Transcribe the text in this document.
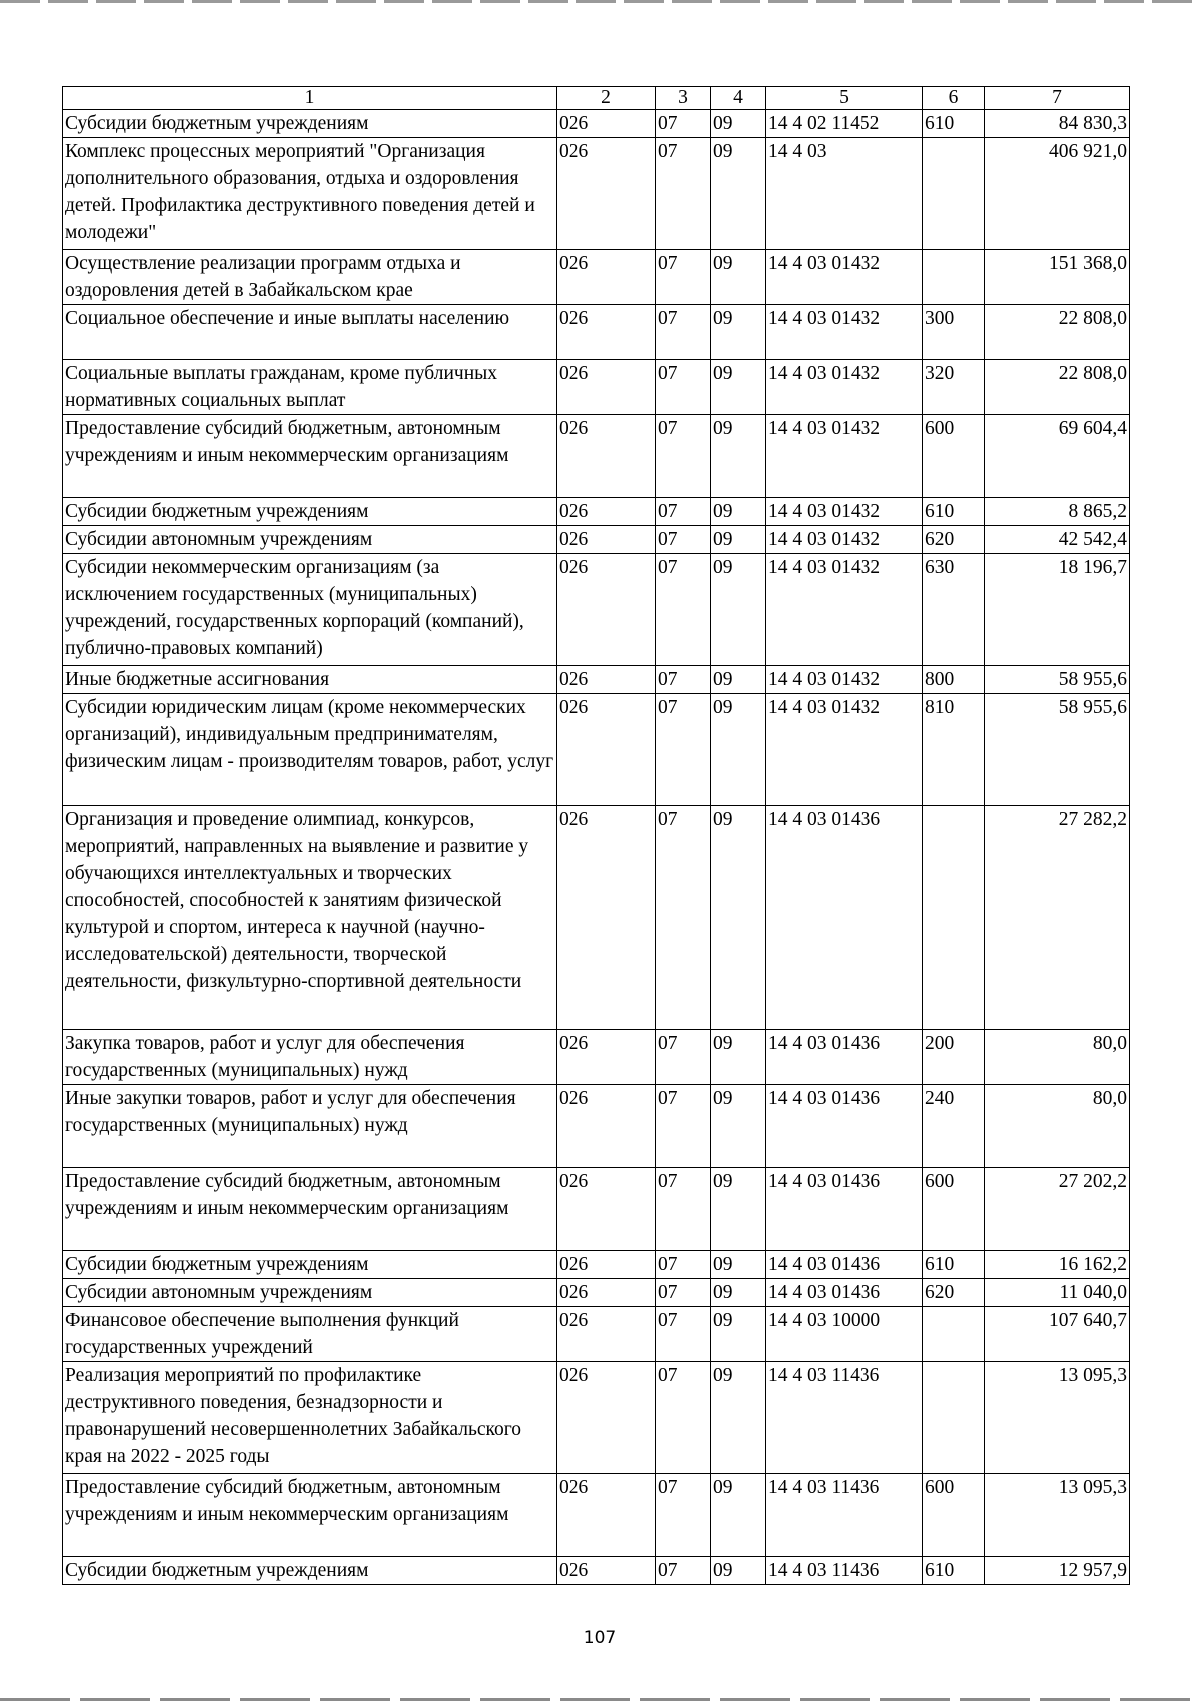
1	2	3	4	5	6	7
Субсидии бюджетным учреждениям	026	07	09	14 4 02 11452	610	84 830,3
Комплекс процессных мероприятий "Организация дополнительного образования, отдыха и оздоровления детей. Профилактика деструктивного поведения детей и молодежи"	026	07	09	14 4 03		406 921,0
Осуществление реализации программ отдыха и оздоровления детей в Забайкальском крае	026	07	09	14 4 03 01432		151 368,0
Социальное обеспечение и иные выплаты населению	026	07	09	14 4 03 01432	300	22 808,0
Социальные выплаты гражданам, кроме публичных нормативных социальных выплат	026	07	09	14 4 03 01432	320	22 808,0
Предоставление субсидий бюджетным, автономным учреждениям и иным некоммерческим организациям	026	07	09	14 4 03 01432	600	69 604,4
Субсидии бюджетным учреждениям	026	07	09	14 4 03 01432	610	8 865,2
Субсидии автономным учреждениям	026	07	09	14 4 03 01432	620	42 542,4
Субсидии некоммерческим организациям (за исключением государственных (муниципальных) учреждений, государственных корпораций (компаний), публично-правовых компаний)	026	07	09	14 4 03 01432	630	18 196,7
Иные бюджетные ассигнования	026	07	09	14 4 03 01432	800	58 955,6
Субсидии юридическим лицам (кроме некоммерческих организаций), индивидуальным предпринимателям, физическим лицам - производителям товаров, работ, услуг	026	07	09	14 4 03 01432	810	58 955,6
Организация и проведение олимпиад, конкурсов, мероприятий, направленных на выявление и развитие у обучающихся интеллектуальных и творческих способностей, способностей к занятиям физической культурой и спортом, интереса к научной (научно-исследовательской) деятельности, творческой деятельности, физкультурно-спортивной деятельности	026	07	09	14 4 03 01436		27 282,2
Закупка товаров, работ и услуг для обеспечения государственных (муниципальных) нужд	026	07	09	14 4 03 01436	200	80,0
Иные закупки товаров, работ и услуг для обеспечения государственных (муниципальных) нужд	026	07	09	14 4 03 01436	240	80,0
Предоставление субсидий бюджетным, автономным учреждениям и иным некоммерческим организациям	026	07	09	14 4 03 01436	600	27 202,2
Субсидии бюджетным учреждениям	026	07	09	14 4 03 01436	610	16 162,2
Субсидии автономным учреждениям	026	07	09	14 4 03 01436	620	11 040,0
Финансовое обеспечение выполнения функций государственных учреждений	026	07	09	14 4 03 10000		107 640,7
Реализация мероприятий по профилактике деструктивного поведения, безнадзорности и правонарушений несовершеннолетних Забайкальского края на 2022 - 2025 годы	026	07	09	14 4 03 11436		13 095,3
Предоставление субсидий бюджетным, автономным учреждениям и иным некоммерческим организациям	026	07	09	14 4 03 11436	600	13 095,3
Субсидии бюджетным учреждениям	026	07	09	14 4 03 11436	610	12 957,9
107
